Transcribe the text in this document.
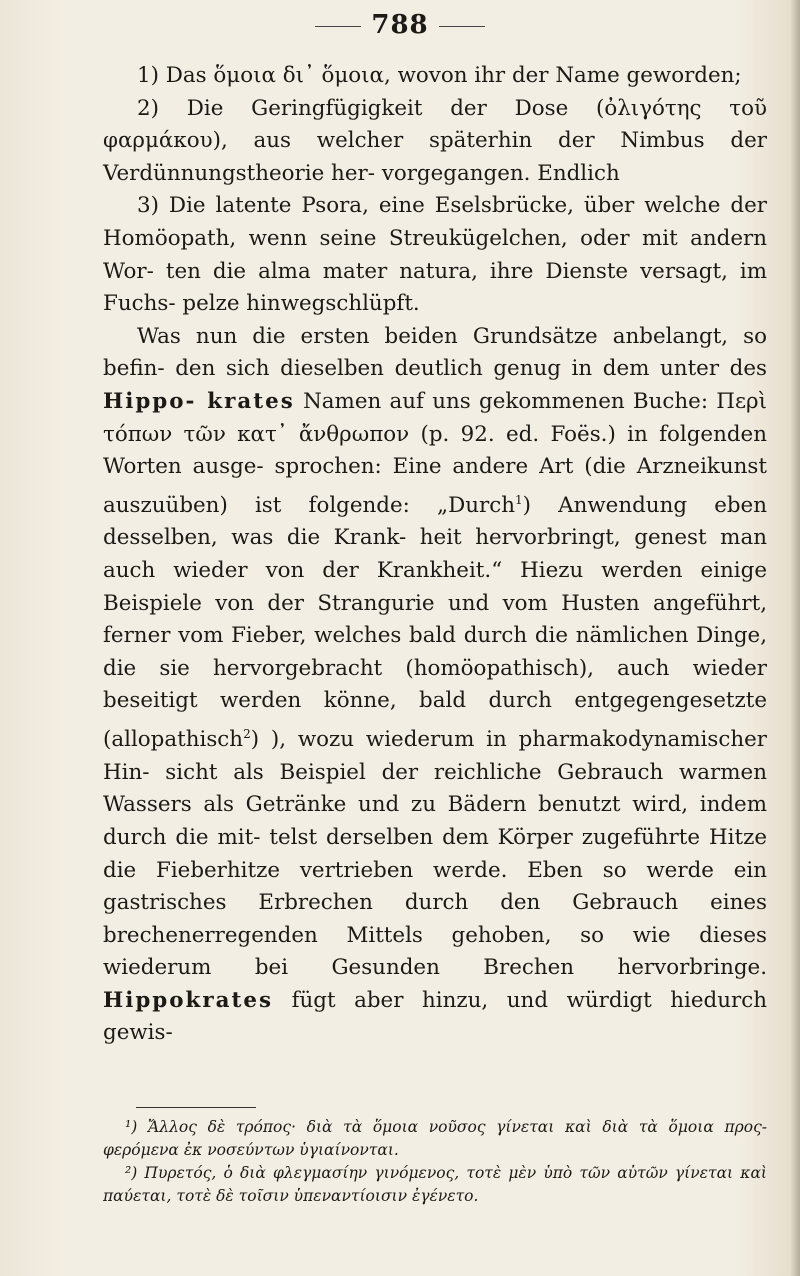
788

1) Das ὅμοια δι᾽ ὅμοια, wovon ihr der Name geworden;

2) Die Geringfügigkeit der Dose (ὀλιγότης τοῦ φαρμάκου), aus welcher späterhin der Nimbus der Verdünnungstheorie her- vorgegangen. Endlich

3) Die latente Psora, eine Eselsbrücke, über welche der Homöopath, wenn seine Streukügelchen, oder mit andern Wor- ten die alma mater natura, ihre Dienste versagt, im Fuchs- pelze hinwegschlüpft.

Was nun die ersten beiden Grundsätze anbelangt, so befin- den sich dieselben deutlich genug in dem unter des Hippo- krates Namen auf uns gekommenen Buche: Περὶ τόπων τῶν κατ᾽ ἄνθρωπον (p. 92. ed. Foës.) in folgenden Worten ausge- sprochen: Eine andere Art (die Arzneikunst auszuüben) ist folgende: „Durch$^1$) Anwendung eben desselben, was die Krank- heit hervorbringt, genest man auch wieder von der Krankheit.“ Hiezu werden einige Beispiele von der Strangurie und vom Husten angeführt, ferner vom Fieber, welches bald durch die nämlichen Dinge, die sie hervorgebracht (homöopathisch), auch wieder beseitigt werden könne, bald durch entgegengesetzte (allopathisch$^2$) ), wozu wiederum in pharmakodynamischer Hin- sicht als Beispiel der reichliche Gebrauch warmen Wassers als Getränke und zu Bädern benutzt wird, indem durch die mit- telst derselben dem Körper zugeführte Hitze die Fieberhitze vertrieben werde. Eben so werde ein gastrisches Erbrechen durch den Gebrauch eines brechenerregenden Mittels gehoben, so wie dieses wiederum bei Gesunden Brechen hervorbringe. Hippokrates fügt aber hinzu, und würdigt hiedurch gewis-

¹) Ἄλλος δὲ τρόπος· διὰ τὰ ὅμοια νοῦσος γίνεται καὶ διὰ τὰ ὅμοια προς- φερόμενα ἐκ νοσεύντων ὑγιαίνονται.

²) Πυρετός, ὁ διὰ φλεγμασίην γινόμενος, τοτὲ μὲν ὑπὸ τῶν αὐτῶν γίνεται καὶ παύεται, τοτὲ δὲ τοῖσιν ὑπεναντίοισιν ἐγένετο.
